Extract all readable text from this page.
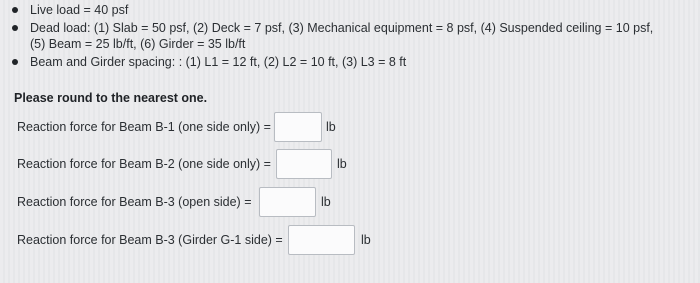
Live load = 40 psf
Dead load: (1) Slab = 50 psf, (2) Deck = 7 psf, (3) Mechanical equipment = 8 psf, (4) Suspended ceiling = 10 psf,
(5) Beam = 25 lb/ft, (6) Girder = 35 lb/ft
Beam and Girder spacing: : (1) L1 = 12 ft, (2) L2 = 10 ft, (3) L3 = 8 ft
Please round to the nearest one.
Reaction force for Beam B-1 (one side only) =	lb
Reaction force for Beam B-2 (one side only) =	lb
Reaction force for Beam B-3 (open side) =	lb
Reaction force for Beam B-3 (Girder G-1 side) =	lb
